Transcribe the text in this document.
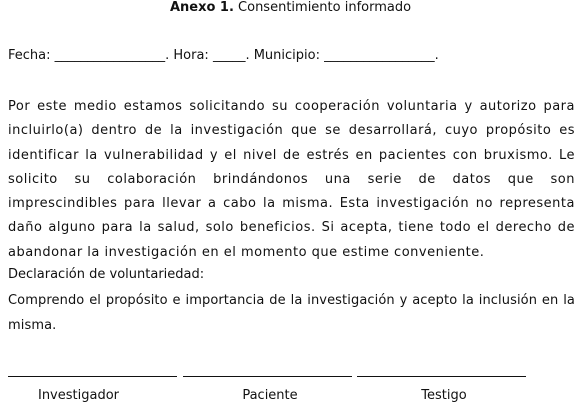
Anexo 1. Consentimiento informado
Fecha: _________________. Hora: _____. Municipio: _________________.
Por este medio estamos solicitando su cooperación voluntaria y autorizo para incluirlo(a) dentro de la investigación que se desarrollará, cuyo propósito es identificar la vulnerabilidad y el nivel de estrés en pacientes con bruxismo. Le solicito su colaboración brindándonos una serie de datos que son imprescindibles para llevar a cabo la misma. Esta investigación no representa daño alguno para la salud, solo beneficios. Si acepta, tiene todo el derecho de abandonar la investigación en el momento que estime conveniente.
Declaración de voluntariedad:
Comprendo el propósito e importancia de la investigación y acepto la inclusión en la misma.
Investigador	Paciente	Testigo
